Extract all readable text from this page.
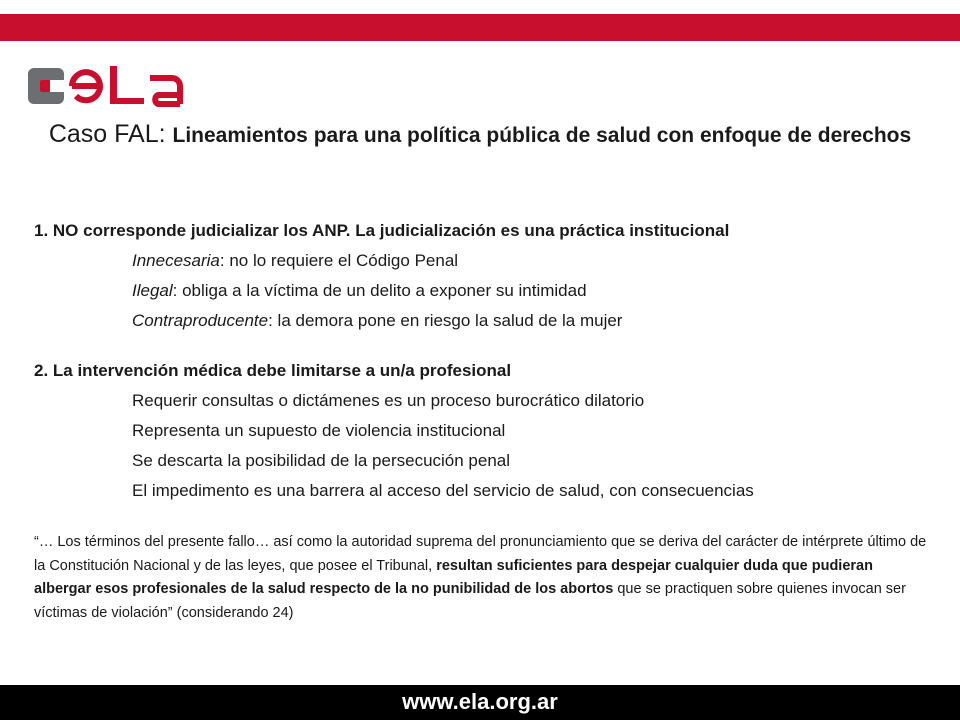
ela
Caso FAL: Lineamientos para una política pública de salud con enfoque de derechos
1. NO corresponde judicializar los ANP. La judicialización es una práctica institucional
Innecesaria: no lo requiere el Código Penal
Ilegal: obliga a la víctima de un delito a exponer su intimidad
Contraproducente: la demora pone en riesgo la salud de la mujer
2. La intervención médica debe limitarse a un/a profesional
Requerir consultas o dictámenes es un proceso burocrático dilatorio
Representa un supuesto de violencia institucional
Se descarta la posibilidad de la persecución penal
El impedimento es una barrera al acceso del servicio de salud, con consecuencias
“… Los términos del presente fallo… así como la autoridad suprema del pronunciamiento que se deriva del carácter de intérprete último de la Constitución Nacional y de las leyes, que posee el Tribunal, resultan suficientes para despejar cualquier duda que pudieran albergar esos profesionales de la salud respecto de la no punibilidad de los abortos que se practiquen sobre quienes invocan ser víctimas de violación” (considerando 24)
www.ela.org.ar
